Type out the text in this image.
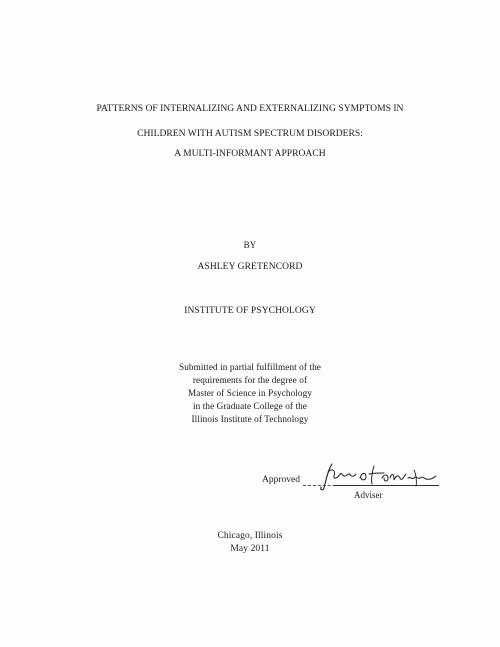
PATTERNS OF INTERNALIZING AND EXTERNALIZING SYMPTOMS IN
CHILDREN WITH AUTISM SPECTRUM DISORDERS:
A MULTI-INFORMANT APPROACH
BY
ASHLEY GRETENCORD
INSTITUTE OF PSYCHOLOGY
Submitted in partial fulfillment of the
requirements for the degree of
Master of Science in Psychology
in the Graduate College of the
Illinois Institute of Technology
Approved
Adviser
Chicago, Illinois
May 2011
